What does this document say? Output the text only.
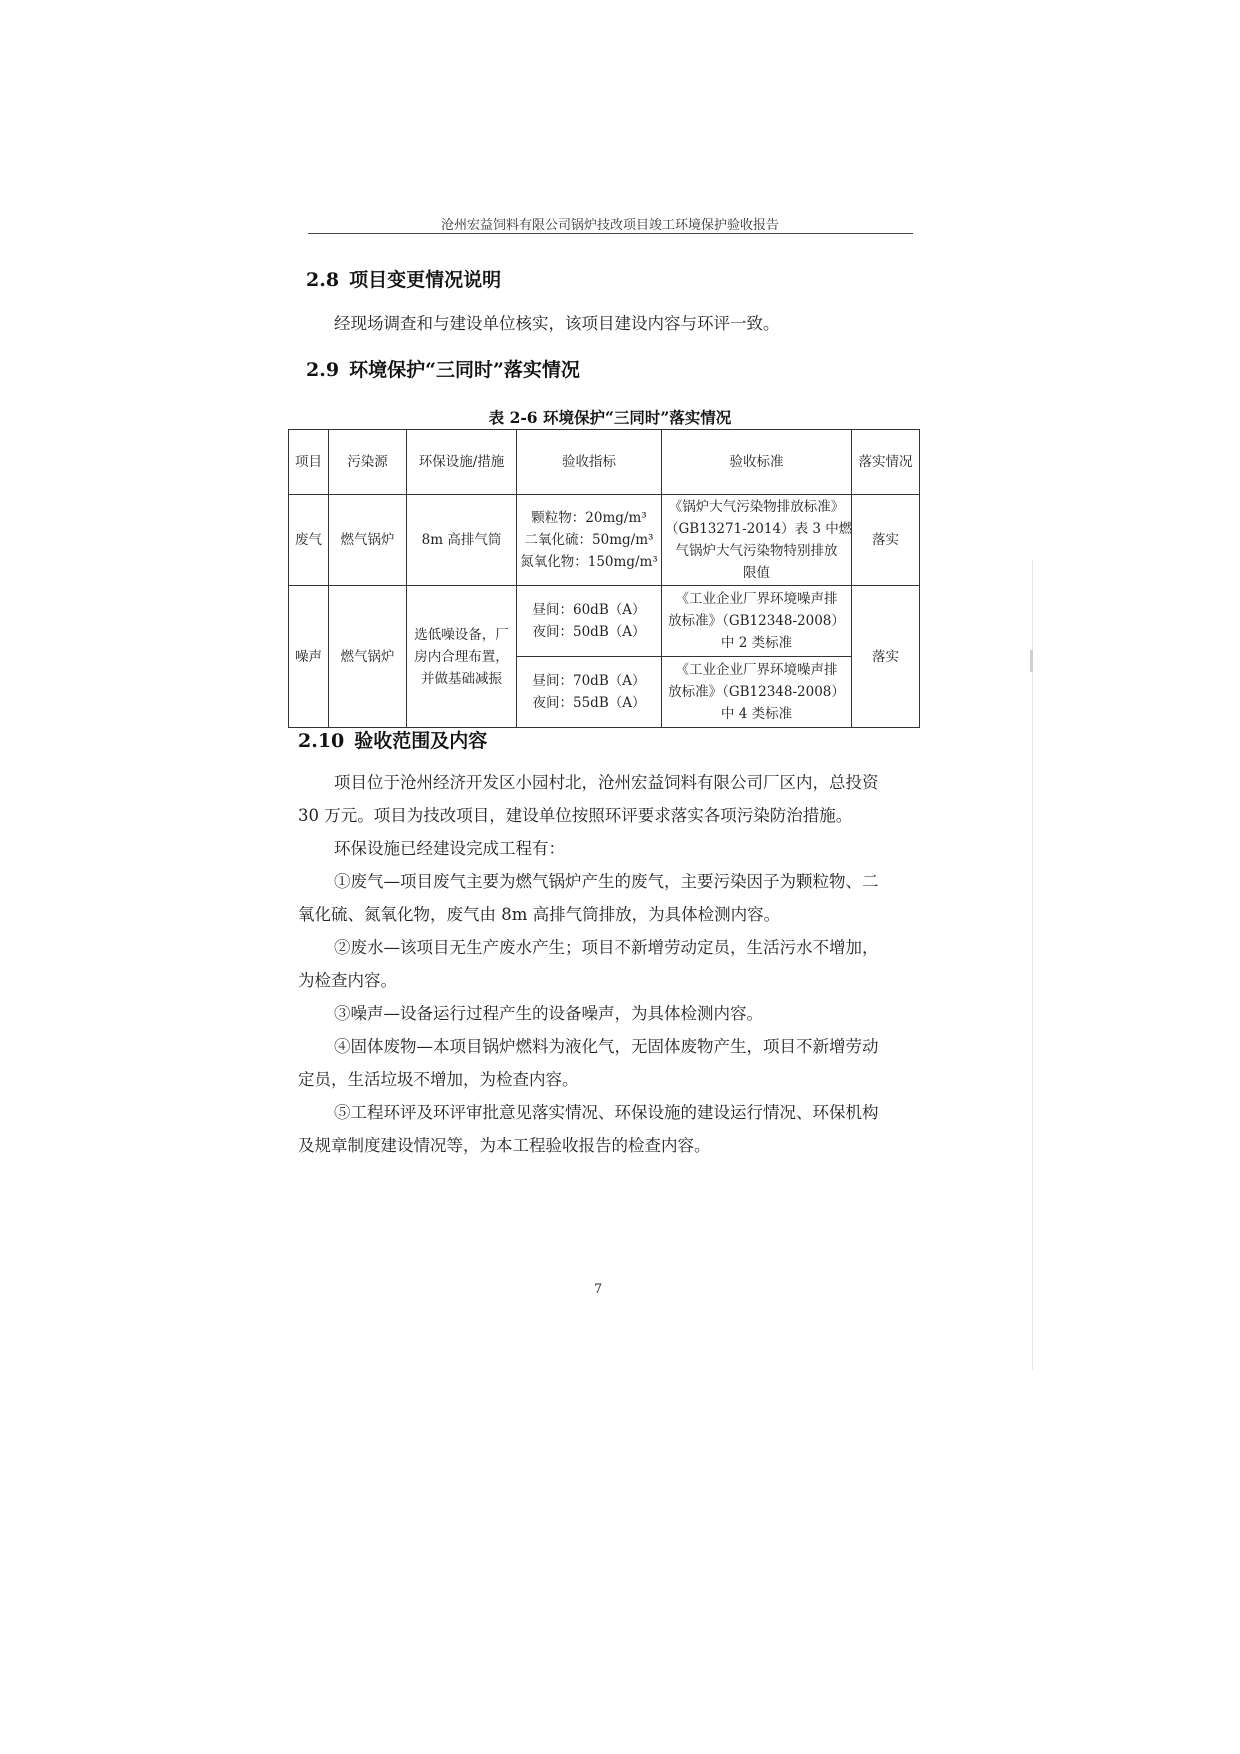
沧州宏益饲料有限公司锅炉技改项目竣工环境保护验收报告
2.8 项目变更情况说明
经现场调查和与建设单位核实，该项目建设内容与环评一致。
2.9 环境保护“三同时”落实情况
表 2-6 环境保护“三同时”落实情况
项目	污染源	环保设施/措施	验收指标	验收标准	落实情况
废气	燃气锅炉	8m 高排气筒	颗粒物：20mg/m³
二氧化硫：50mg/m³
氮氧化物：150mg/m³	《锅炉大气污染物排放标准》
（GB13271-2014）表 3 中燃
气锅炉大气污染物特别排放
限值	落实
噪声	燃气锅炉	选低噪设备，厂
房内合理布置，
并做基础减振	昼间：60dB（A）
夜间：50dB（A）	《工业企业厂界环境噪声排
放标准》（GB12348-2008）
中 2 类标准	落实

			昼间：70dB（A）
夜间：55dB（A）	《工业企业厂界环境噪声排
放标准》（GB12348-2008）
中 4 类标准	
2.10 验收范围及内容
项目位于沧州经济开发区小园村北，沧州宏益饲料有限公司厂区内，总投资
30 万元。项目为技改项目，建设单位按照环评要求落实各项污染防治措施。
环保设施已经建设完成工程有：
①废气—项目废气主要为燃气锅炉产生的废气，主要污染因子为颗粒物、二
氧化硫、氮氧化物，废气由 8m 高排气筒排放，为具体检测内容。
②废水—该项目无生产废水产生；项目不新增劳动定员，生活污水不增加，
为检查内容。
③噪声—设备运行过程产生的设备噪声，为具体检测内容。
④固体废物—本项目锅炉燃料为液化气，无固体废物产生，项目不新增劳动
定员，生活垃圾不增加，为检查内容。
⑤工程环评及环评审批意见落实情况、环保设施的建设运行情况、环保机构
及规章制度建设情况等，为本工程验收报告的检查内容。
7
